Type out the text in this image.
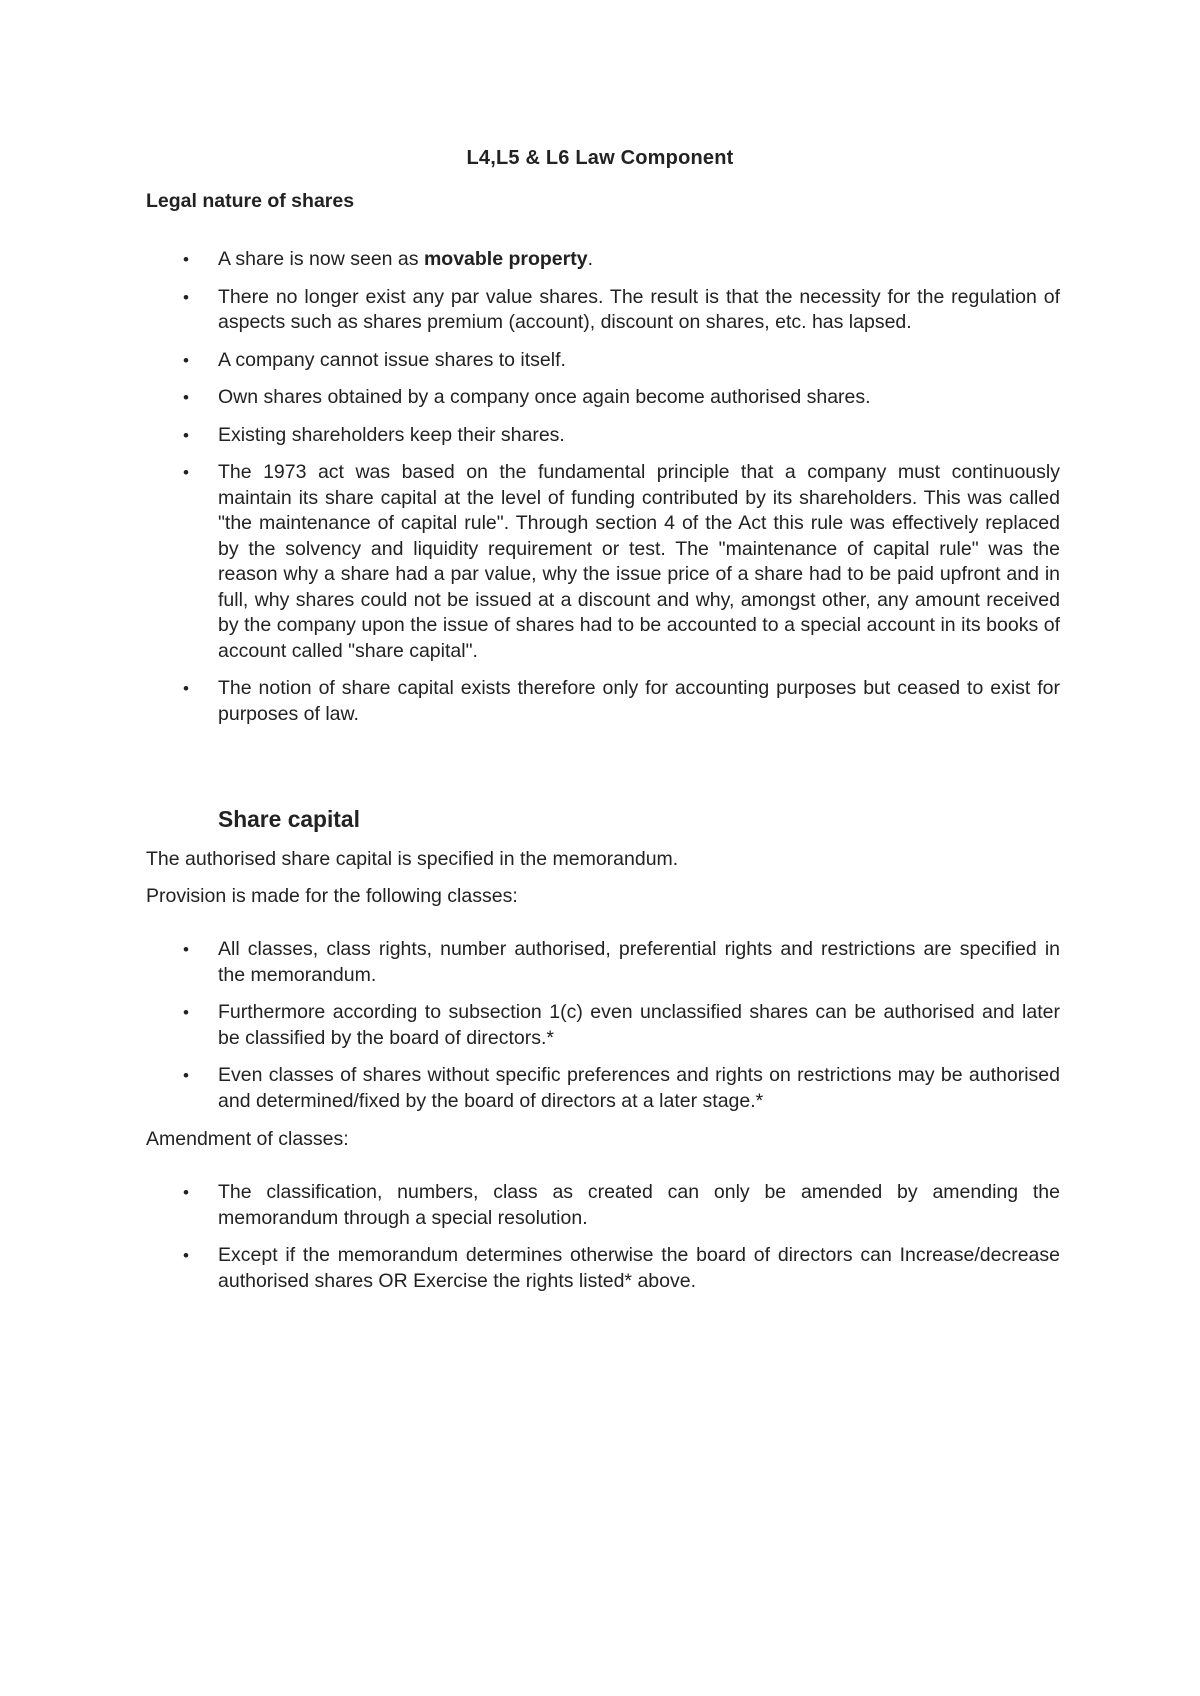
L4,L5 & L6 Law Component
Legal nature of shares
• A share is now seen as movable property.
• There no longer exist any par value shares. The result is that the necessity for the regulation of aspects such as shares premium (account), discount on shares, etc. has lapsed.
• A company cannot issue shares to itself.
• Own shares obtained by a company once again become authorised shares.
• Existing shareholders keep their shares.
• The 1973 act was based on the fundamental principle that a company must continuously maintain its share capital at the level of funding contributed by its shareholders. This was called "the maintenance of capital rule". Through section 4 of the Act this rule was effectively replaced by the solvency and liquidity requirement or test. The "maintenance of capital rule" was the reason why a share had a par value, why the issue price of a share had to be paid upfront and in full, why shares could not be issued at a discount and why, amongst other, any amount received by the company upon the issue of shares had to be accounted to a special account in its books of account called "share capital".
• The notion of share capital exists therefore only for accounting purposes but ceased to exist for purposes of law.
Share capital

The authorised share capital is specified in the memorandum.

Provision is made for the following classes:

• All classes, class rights, number authorised, preferential rights and restrictions are specified in the memorandum.
• Furthermore according to subsection 1(c) even unclassified shares can be authorised and later be classified by the board of directors.*
• Even classes of shares without specific preferences and rights on restrictions may be authorised and determined/fixed by the board of directors at a later stage.*

Amendment of classes:

• The classification, numbers, class as created can only be amended by amending the memorandum through a special resolution.
• Except if the memorandum determines otherwise the board of directors can Increase/decrease authorised shares OR Exercise the rights listed* above.
